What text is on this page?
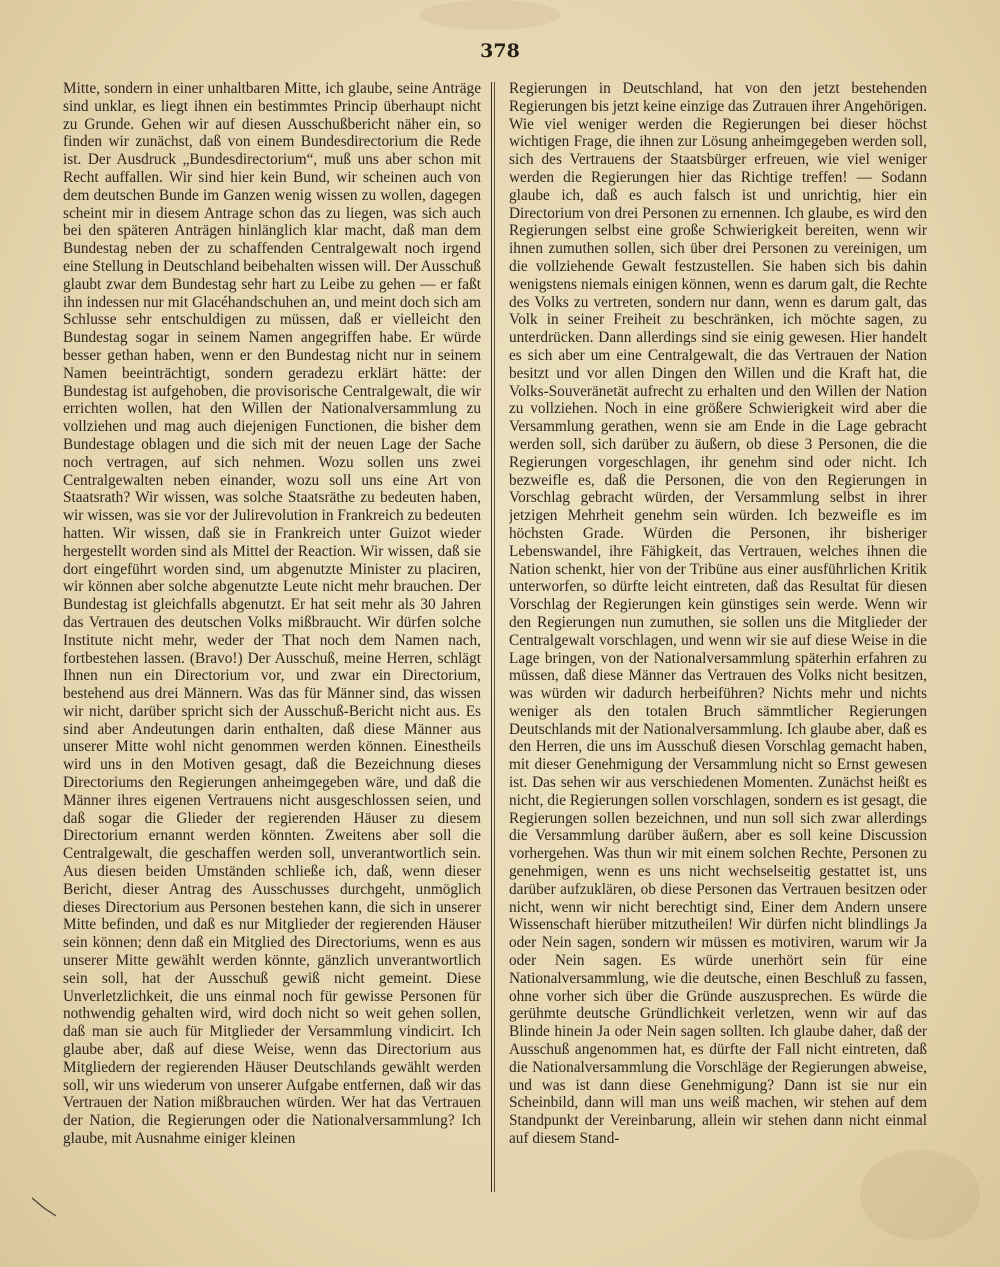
378

Mitte, sondern in einer unhaltbaren Mitte, ich glaube, seine Anträge sind unklar, es liegt ihnen ein bestimmtes Princip überhaupt nicht zu Grunde. Gehen wir auf diesen Ausschußbericht näher ein, so finden wir zunächst, daß von einem Bundesdirectorium die Rede ist. Der Ausdruck „Bundesdirectorium“, muß uns aber schon mit Recht auffallen. Wir sind hier kein Bund, wir scheinen auch von dem deutschen Bunde im Ganzen wenig wissen zu wollen, dagegen scheint mir in diesem Antrage schon das zu liegen, was sich auch bei den späteren Anträgen hinlänglich klar macht, daß man dem Bundestag neben der zu schaffenden Centralgewalt noch irgend eine Stellung in Deutschland beibehalten wissen will. Der Ausschuß glaubt zwar dem Bundestag sehr hart zu Leibe zu gehen — er faßt ihn indessen nur mit Glacéhandschuhen an, und meint doch sich am Schlusse sehr entschuldigen zu müssen, daß er vielleicht den Bundestag sogar in seinem Namen angegriffen habe. Er würde besser gethan haben, wenn er den Bundestag nicht nur in seinem Namen beeinträchtigt, sondern geradezu erklärt hätte: der Bundestag ist aufgehoben, die provisorische Centralgewalt, die wir errichten wollen, hat den Willen der Nationalversammlung zu vollziehen und mag auch diejenigen Functionen, die bisher dem Bundestage oblagen und die sich mit der neuen Lage der Sache noch vertragen, auf sich nehmen. Wozu sollen uns zwei Centralgewalten neben einander, wozu soll uns eine Art von Staatsrath? Wir wissen, was solche Staatsräthe zu bedeuten haben, wir wissen, was sie vor der Julirevolution in Frankreich zu bedeuten hatten. Wir wissen, daß sie in Frankreich unter Guizot wieder hergestellt worden sind als Mittel der Reaction. Wir wissen, daß sie dort eingeführt worden sind, um abgenutzte Minister zu placiren, wir können aber solche abgenutzte Leute nicht mehr brauchen. Der Bundestag ist gleichfalls abgenutzt. Er hat seit mehr als 30 Jahren das Vertrauen des deutschen Volks mißbraucht. Wir dürfen solche Institute nicht mehr, weder der That noch dem Namen nach, fortbestehen lassen. (Bravo!) Der Ausschuß, meine Herren, schlägt Ihnen nun ein Directorium vor, und zwar ein Directorium, bestehend aus drei Männern. Was das für Männer sind, das wissen wir nicht, darüber spricht sich der Ausschuß-Bericht nicht aus. Es sind aber Andeutungen darin enthalten, daß diese Männer aus unserer Mitte wohl nicht genommen werden können. Einestheils wird uns in den Motiven gesagt, daß die Bezeichnung dieses Directoriums den Regierungen anheimgegeben wäre, und daß die Männer ihres eigenen Vertrauens nicht ausgeschlossen seien, und daß sogar die Glieder der regierenden Häuser zu diesem Directorium ernannt werden könnten. Zweitens aber soll die Centralgewalt, die geschaffen werden soll, unverantwortlich sein. Aus diesen beiden Umständen schließe ich, daß, wenn dieser Bericht, dieser Antrag des Ausschusses durchgeht, unmöglich dieses Directorium aus Personen bestehen kann, die sich in unserer Mitte befinden, und daß es nur Mitglieder der regierenden Häuser sein können; denn daß ein Mitglied des Directoriums, wenn es aus unserer Mitte gewählt werden könnte, gänzlich unverantwortlich sein soll, hat der Ausschuß gewiß nicht gemeint. Diese Unverletzlichkeit, die uns einmal noch für gewisse Personen für nothwendig gehalten wird, wird doch nicht so weit gehen sollen, daß man sie auch für Mitglieder der Versammlung vindicirt. Ich glaube aber, daß auf diese Weise, wenn das Directorium aus Mitgliedern der regierenden Häuser Deutschlands gewählt werden soll, wir uns wiederum von unserer Aufgabe entfernen, daß wir das Vertrauen der Nation mißbrauchen würden. Wer hat das Vertrauen der Nation, die Regierungen oder die Nationalversammlung? Ich glaube, mit Ausnahme einiger kleinen

Regierungen in Deutschland, hat von den jetzt bestehenden Regierungen bis jetzt keine einzige das Zutrauen ihrer Angehörigen. Wie viel weniger werden die Regierungen bei dieser höchst wichtigen Frage, die ihnen zur Lösung anheimgegeben werden soll, sich des Vertrauens der Staatsbürger erfreuen, wie viel weniger werden die Regierungen hier das Richtige treffen! — Sodann glaube ich, daß es auch falsch ist und unrichtig, hier ein Directorium von drei Personen zu ernennen. Ich glaube, es wird den Regierungen selbst eine große Schwierigkeit bereiten, wenn wir ihnen zumuthen sollen, sich über drei Personen zu vereinigen, um die vollziehende Gewalt festzustellen. Sie haben sich bis dahin wenigstens niemals einigen können, wenn es darum galt, die Rechte des Volks zu vertreten, sondern nur dann, wenn es darum galt, das Volk in seiner Freiheit zu beschränken, ich möchte sagen, zu unterdrücken. Dann allerdings sind sie einig gewesen. Hier handelt es sich aber um eine Centralgewalt, die das Vertrauen der Nation besitzt und vor allen Dingen den Willen und die Kraft hat, die Volks-Souveränetät aufrecht zu erhalten und den Willen der Nation zu vollziehen. Noch in eine größere Schwierigkeit wird aber die Versammlung gerathen, wenn sie am Ende in die Lage gebracht werden soll, sich darüber zu äußern, ob diese 3 Personen, die die Regierungen vorgeschlagen, ihr genehm sind oder nicht. Ich bezweifle es, daß die Personen, die von den Regierungen in Vorschlag gebracht würden, der Versammlung selbst in ihrer jetzigen Mehrheit genehm sein würden. Ich bezweifle es im höchsten Grade. Würden die Personen, ihr bisheriger Lebenswandel, ihre Fähigkeit, das Vertrauen, welches ihnen die Nation schenkt, hier von der Tribüne aus einer ausführlichen Kritik unterworfen, so dürfte leicht eintreten, daß das Resultat für diesen Vorschlag der Regierungen kein günstiges sein werde. Wenn wir den Regierungen nun zumuthen, sie sollen uns die Mitglieder der Centralgewalt vorschlagen, und wenn wir sie auf diese Weise in die Lage bringen, von der Nationalversammlung späterhin erfahren zu müssen, daß diese Männer das Vertrauen des Volks nicht besitzen, was würden wir dadurch herbeiführen? Nichts mehr und nichts weniger als den totalen Bruch sämmtlicher Regierungen Deutschlands mit der Nationalversammlung. Ich glaube aber, daß es den Herren, die uns im Ausschuß diesen Vorschlag gemacht haben, mit dieser Genehmigung der Versammlung nicht so Ernst gewesen ist. Das sehen wir aus verschiedenen Momenten. Zunächst heißt es nicht, die Regierungen sollen vorschlagen, sondern es ist gesagt, die Regierungen sollen bezeichnen, und nun soll sich zwar allerdings die Versammlung darüber äußern, aber es soll keine Discussion vorhergehen. Was thun wir mit einem solchen Rechte, Personen zu genehmigen, wenn es uns nicht wechselseitig gestattet ist, uns darüber aufzuklären, ob diese Personen das Vertrauen besitzen oder nicht, wenn wir nicht berechtigt sind, Einer dem Andern unsere Wissenschaft hierüber mitzutheilen! Wir dürfen nicht blindlings Ja oder Nein sagen, sondern wir müssen es motiviren, warum wir Ja oder Nein sagen. Es würde unerhört sein für eine Nationalversammlung, wie die deutsche, einen Beschluß zu fassen, ohne vorher sich über die Gründe auszusprechen. Es würde die gerühmte deutsche Gründlichkeit verletzen, wenn wir auf das Blinde hinein Ja oder Nein sagen sollten. Ich glaube daher, daß der Ausschuß angenommen hat, es dürfte der Fall nicht eintreten, daß die Nationalversammlung die Vorschläge der Regierungen abweise, und was ist dann diese Genehmigung? Dann ist sie nur ein Scheinbild, dann will man uns weiß machen, wir stehen auf dem Standpunkt der Vereinbarung, allein wir stehen dann nicht einmal auf diesem Stand-
